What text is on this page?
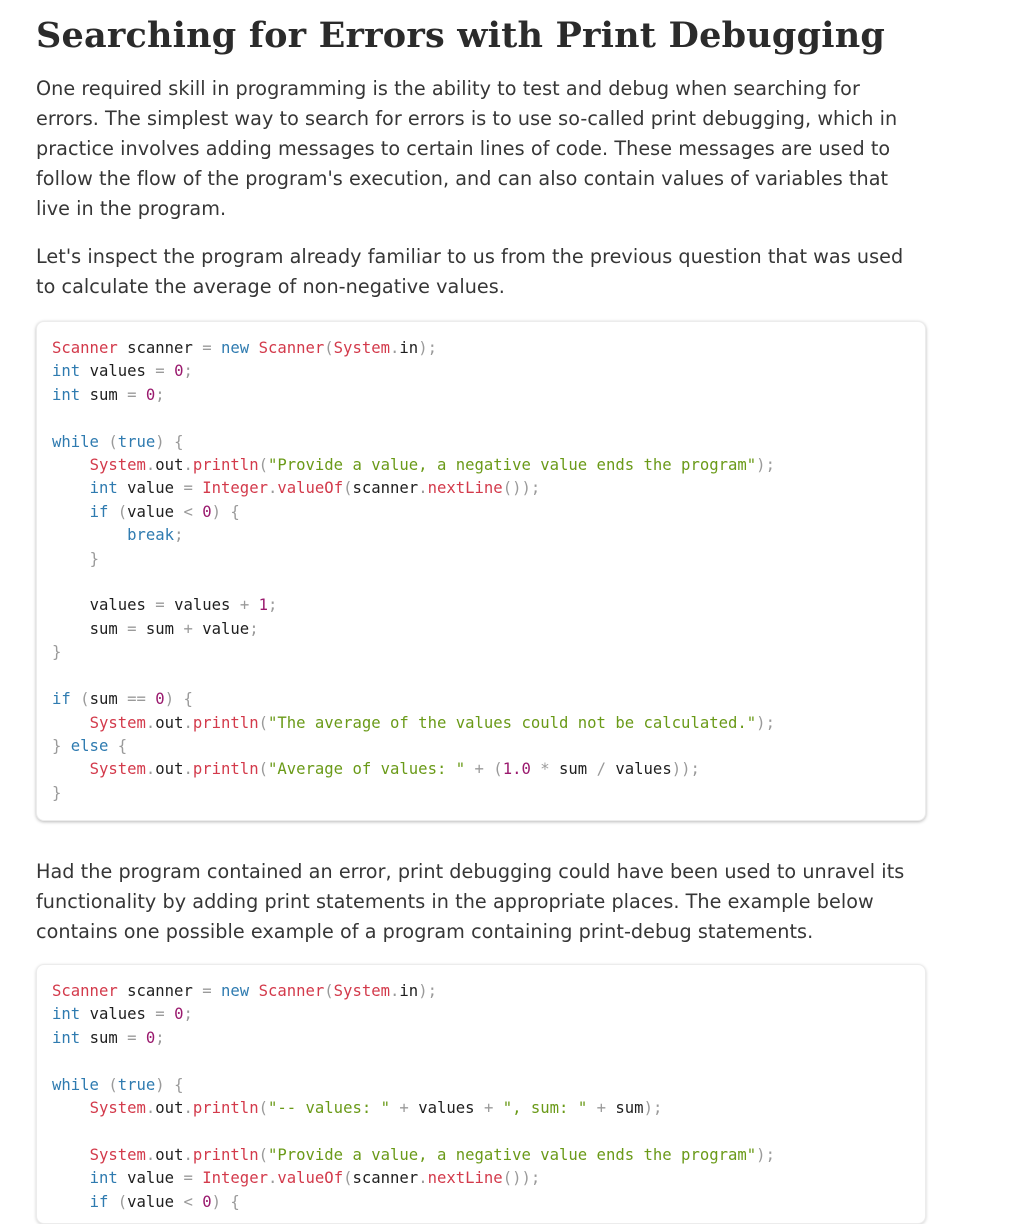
Searching for Errors with Print Debugging

One required skill in programming is the ability to test and debug when searching for errors. The simplest way to search for errors is to use so-called print debugging, which in practice involves adding messages to certain lines of code. These messages are used to follow the flow of the program's execution, and can also contain values of variables that live in the program.

Let's inspect the program already familiar to us from the previous question that was used to calculate the average of non-negative values.

Scanner scanner = new Scanner(System.in);
int values = 0;
int sum = 0;

while (true) {
System.out.println("Provide a value, a negative value ends the program");
int value = Integer.valueOf(scanner.nextLine());
if (value < 0) {
break;
}

values = values + 1;
sum = sum + value;
}

if (sum == 0) {
System.out.println("The average of the values could not be calculated.");
} else {
System.out.println("Average of values: " + (1.0 * sum / values));
}

Had the program contained an error, print debugging could have been used to unravel its functionality by adding print statements in the appropriate places. The example below contains one possible example of a program containing print-debug statements.

Scanner scanner = new Scanner(System.in);
int values = 0;
int sum = 0;

while (true) {
System.out.println("-- values: " + values + ", sum: " + sum);

System.out.println("Provide a value, a negative value ends the program");
int value = Integer.valueOf(scanner.nextLine());
if (value < 0) {
